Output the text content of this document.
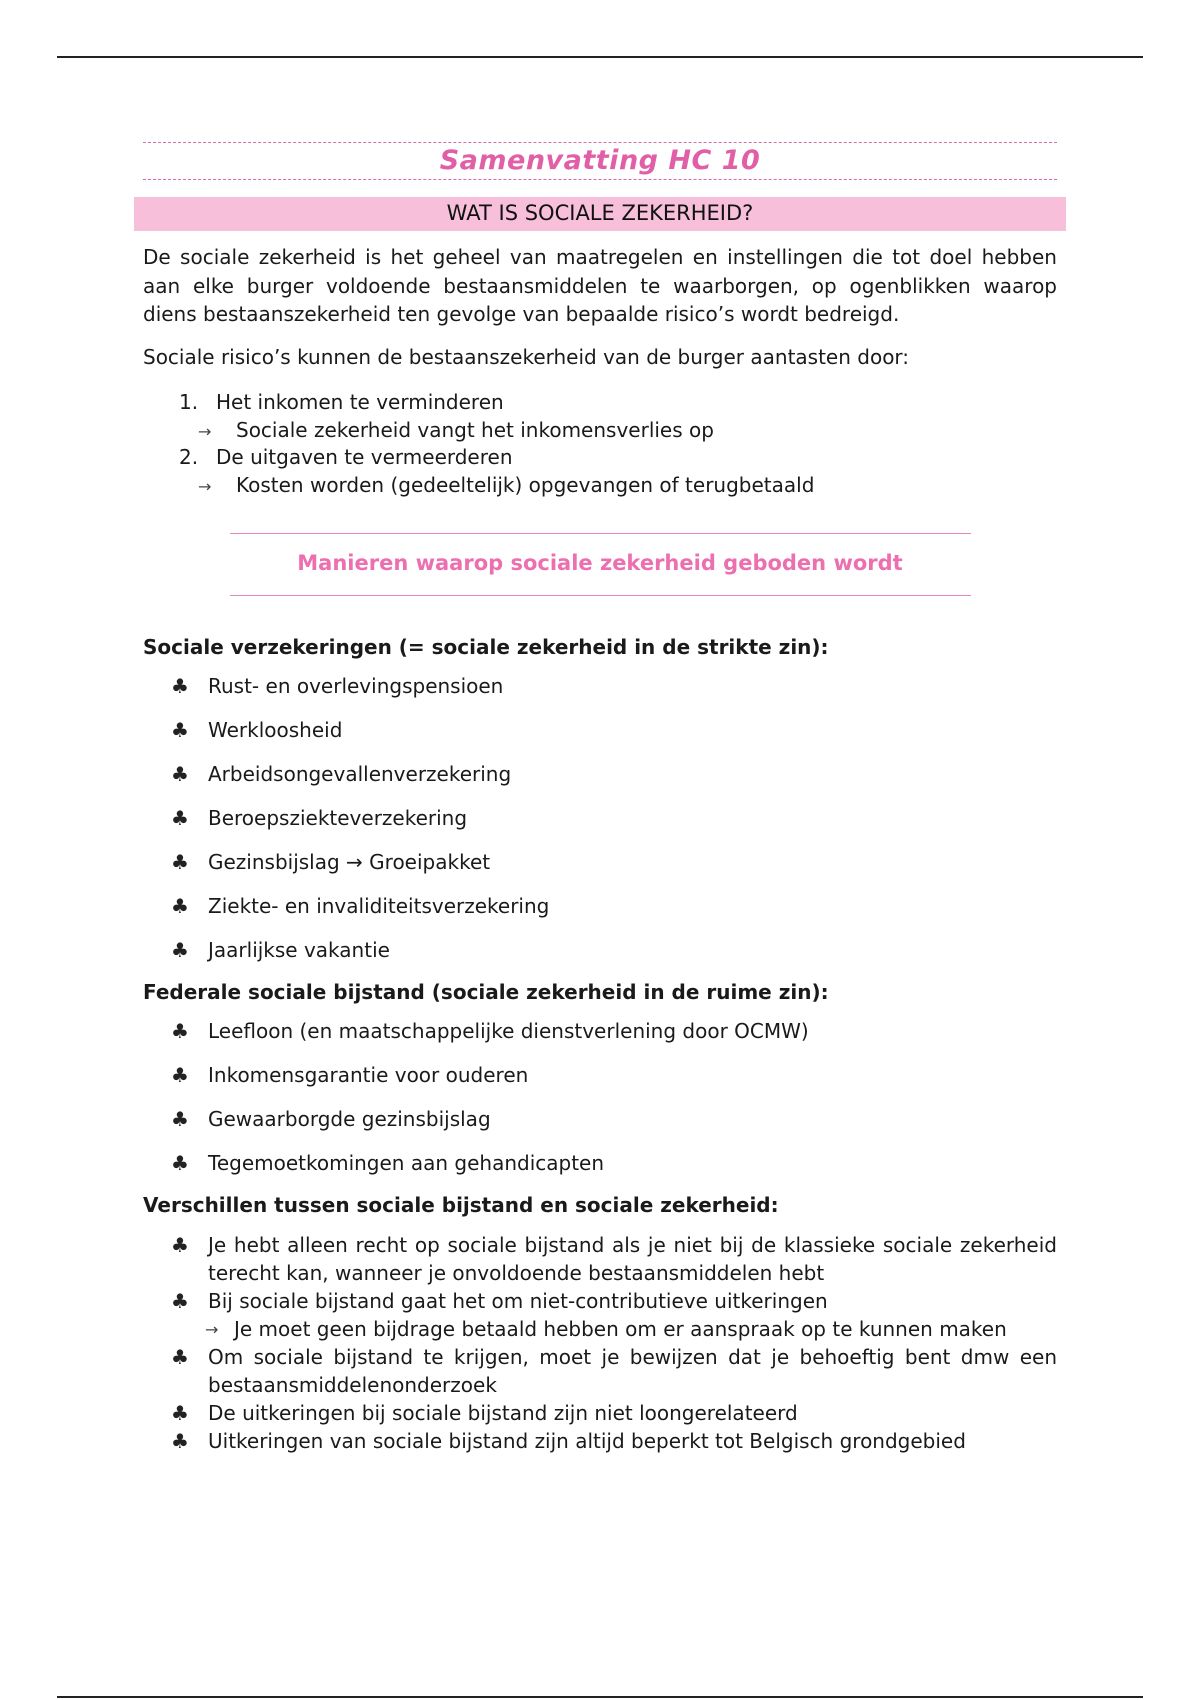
Samenvatting HC 10
WAT IS SOCIALE ZEKERHEID?

De sociale zekerheid is het geheel van maatregelen en instellingen die tot doel hebben aan elke burger voldoende bestaansmiddelen te waarborgen, op ogenblikken waarop diens bestaanszekerheid ten gevolge van bepaalde risico’s wordt bedreigd.

Sociale risico’s kunnen de bestaanszekerheid van de burger aantasten door:

1. Het inkomen te verminderen
→	Sociale zekerheid vangt het inkomensverlies op
2. De uitgaven te vermeerderen
→	Kosten worden (gedeeltelijk) opgevangen of terugbetaald
Manieren waarop sociale zekerheid geboden wordt
Sociale verzekeringen (= sociale zekerheid in de strikte zin):
♣ Rust- en overlevingspensioen
♣ Werkloosheid
♣ Arbeidsongevallenverzekering
♣ Beroepsziekteverzekering
♣ Gezinsbijslag → Groeipakket
♣ Ziekte- en invaliditeitsverzekering
♣ Jaarlijkse vakantie
Federale sociale bijstand (sociale zekerheid in de ruime zin):
♣ Leefloon (en maatschappelijke dienstverlening door OCMW)
♣ Inkomensgarantie voor ouderen
♣ Gewaarborgde gezinsbijslag
♣ Tegemoetkomingen aan gehandicapten
Verschillen tussen sociale bijstand en sociale zekerheid:
♣ Je hebt alleen recht op sociale bijstand als je niet bij de klassieke sociale zekerheid terecht kan, wanneer je onvoldoende bestaansmiddelen hebt
♣ Bij sociale bijstand gaat het om niet-contributieve uitkeringen
→ Je moet geen bijdrage betaald hebben om er aanspraak op te kunnen maken
♣ Om sociale bijstand te krijgen, moet je bewijzen dat je behoeftig bent dmw een bestaansmiddelenonderzoek
♣ De uitkeringen bij sociale bijstand zijn niet loongerelateerd
♣ Uitkeringen van sociale bijstand zijn altijd beperkt tot Belgisch grondgebied
